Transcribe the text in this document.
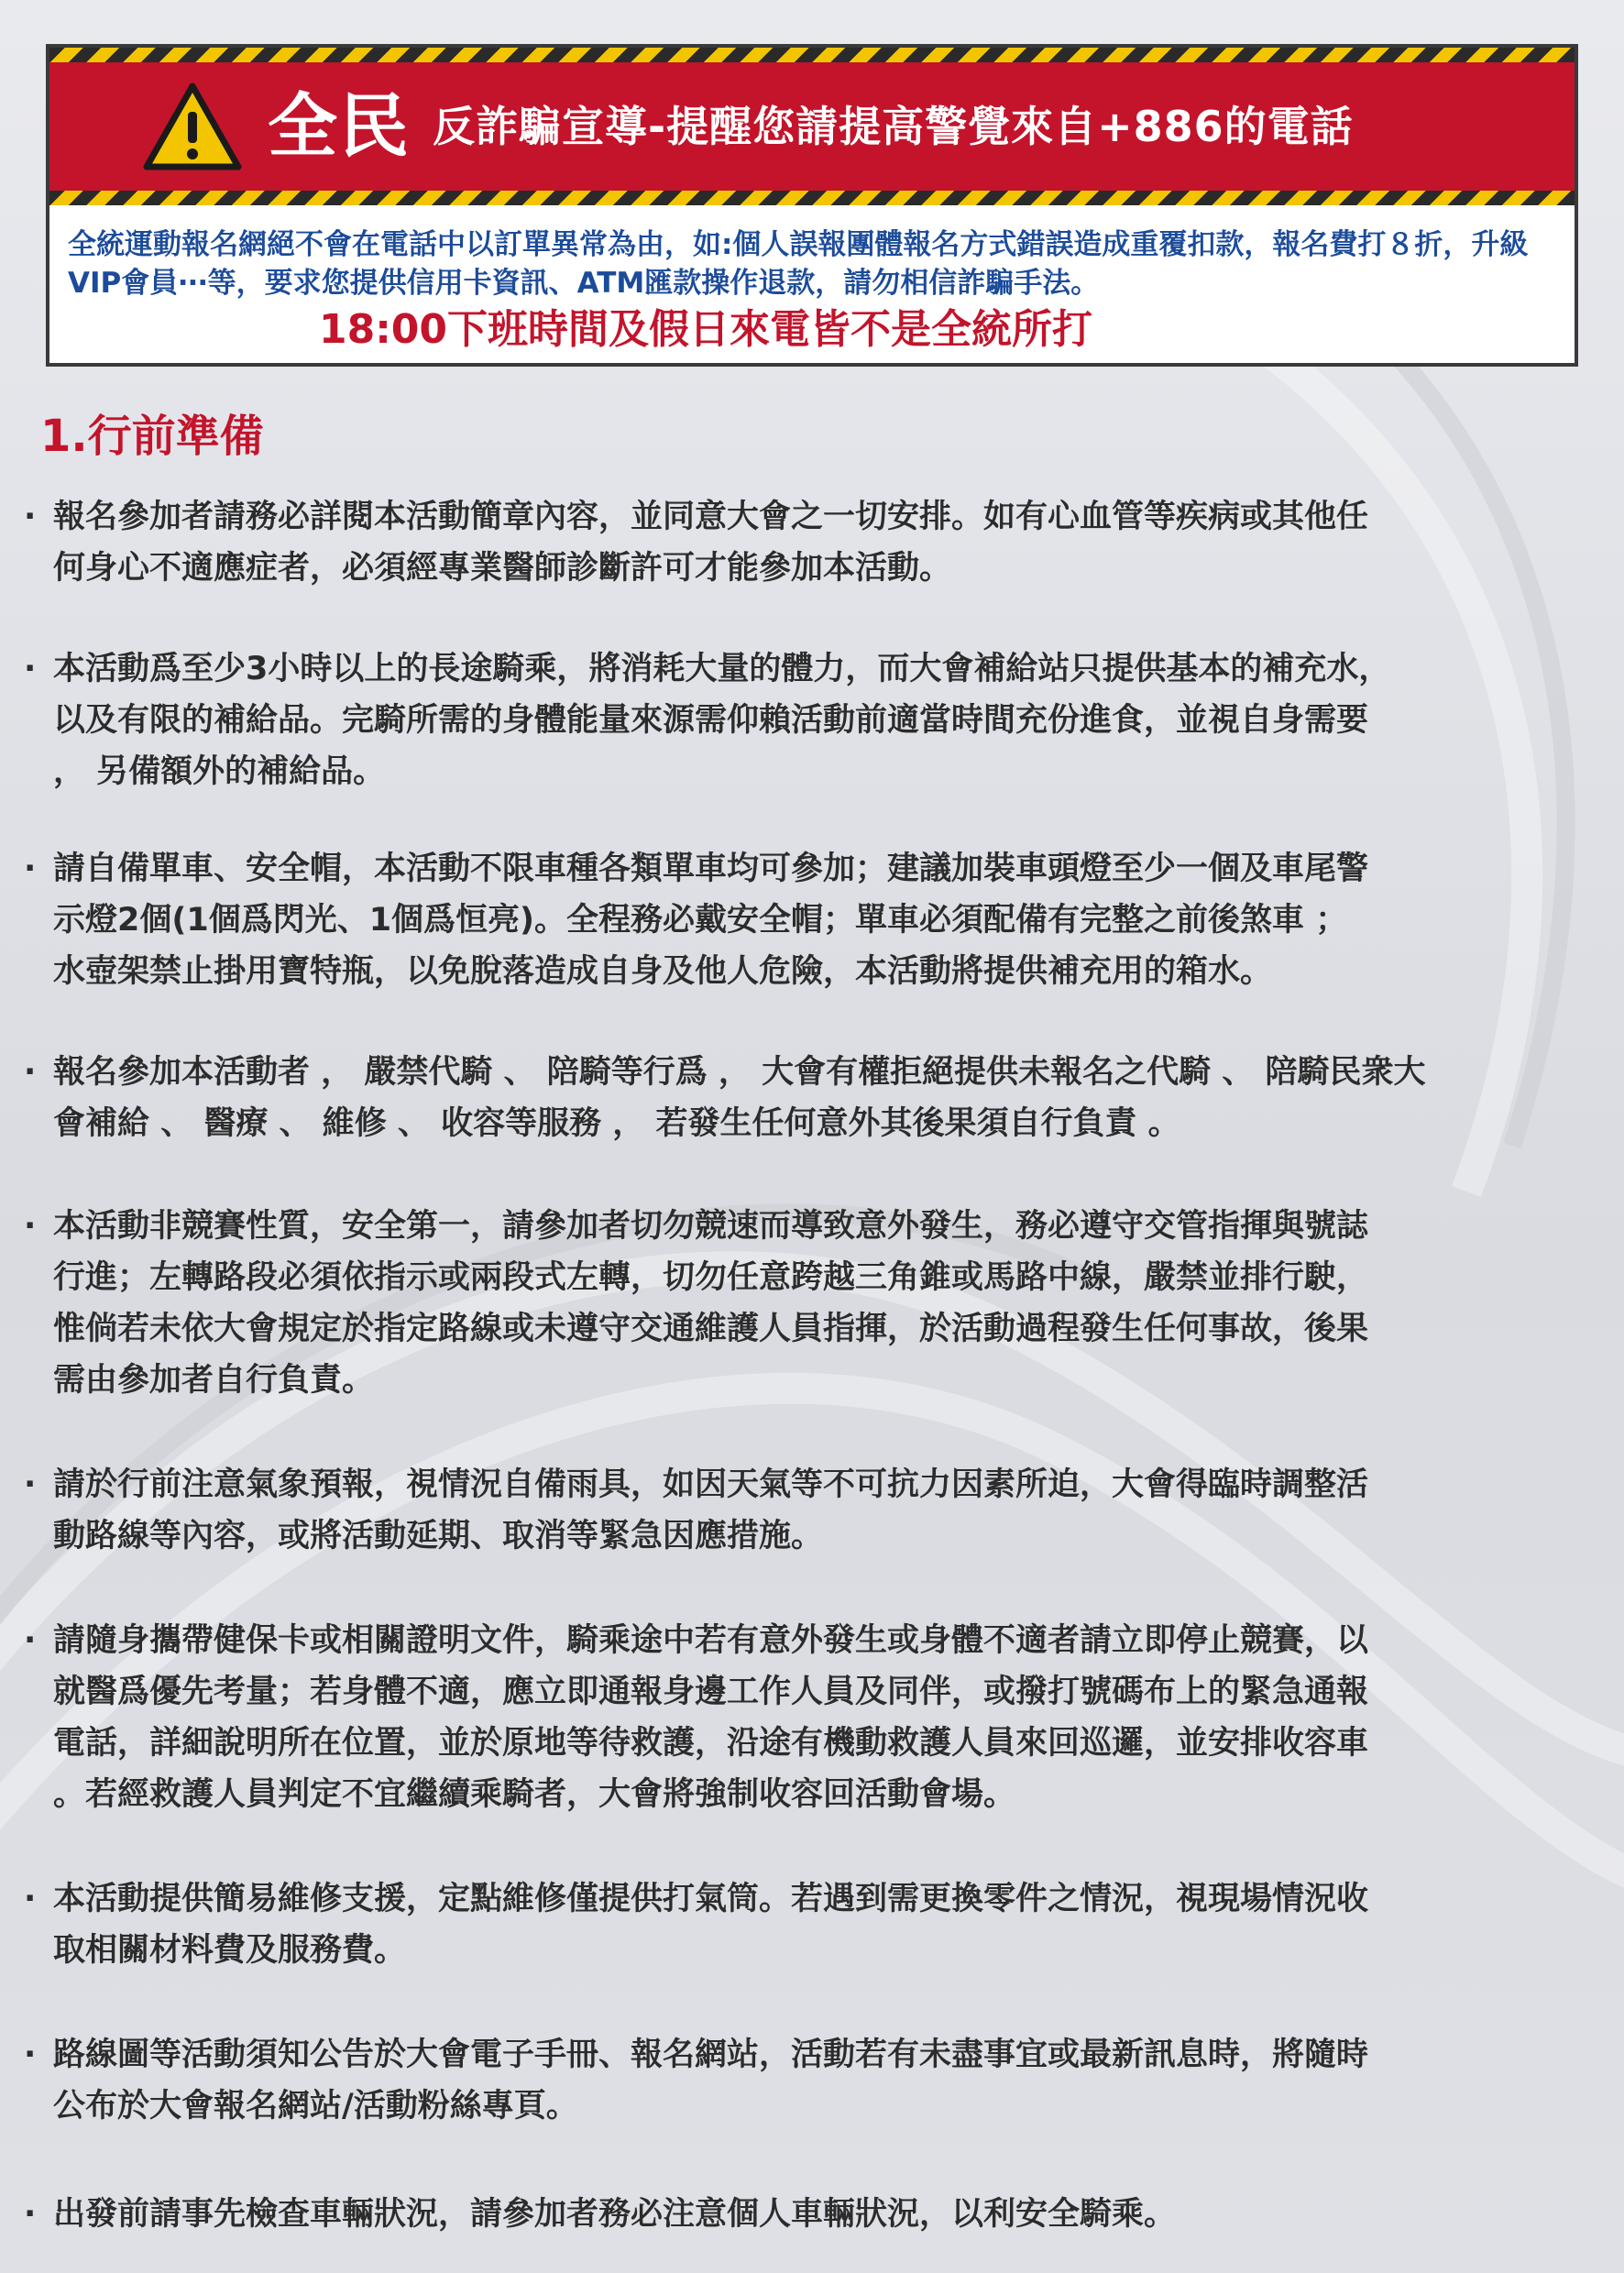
全民 反詐騙宣導-提醒您請提高警覺來自+886的電話
全統運動報名網絕不會在電話中以訂單異常為由，如:個人誤報團體報名方式錯誤造成重覆扣款，報名費打８折，升級VIP會員‧‧‧等，要求您提供信用卡資訊、ATM匯款操作退款，請勿相信詐騙手法。
18:00下班時間及假日來電皆不是全統所打
1.行前準備
· 報名參加者請務必詳閱本活動簡章內容，並同意大會之一切安排。如有心血管等疾病或其他任
何身心不適應症者，必須經專業醫師診斷許可才能參加本活動。
· 本活動爲至少3小時以上的長途騎乘，將消耗大量的體力，而大會補給站只提供基本的補充水，
以及有限的補給品。完騎所需的身體能量來源需仰賴活動前適當時間充份進食，並視自身需要
， 另備額外的補給品。
· 請自備單車、安全帽，本活動不限車種各類單車均可參加；建議加裝車頭燈至少一個及車尾警
示燈2個(1個爲閃光、1個爲恒亮)。全程務必戴安全帽；單車必須配備有完整之前後煞車 ；
水壺架禁止掛用寶特瓶，以免脫落造成自身及他人危險，本活動將提供補充用的箱水。
· 報名參加本活動者 ， 嚴禁代騎 、 陪騎等行爲 ， 大會有權拒絕提供未報名之代騎 、 陪騎民衆大
會補給 、 醫療 、 維修 、 收容等服務 ， 若發生任何意外其後果須自行負責 。
· 本活動非競賽性質，安全第一，請參加者切勿競速而導致意外發生，務必遵守交管指揮與號誌
行進；左轉路段必須依指示或兩段式左轉，切勿任意跨越三角錐或馬路中線，嚴禁並排行駛，
惟倘若未依大會規定於指定路線或未遵守交通維護人員指揮，於活動過程發生任何事故，後果
需由參加者自行負責。
· 請於行前注意氣象預報，視情況自備雨具，如因天氣等不可抗力因素所迫，大會得臨時調整活
動路線等內容，或將活動延期、取消等緊急因應措施。
· 請隨身攜帶健保卡或相關證明文件，騎乘途中若有意外發生或身體不適者請立即停止競賽，以
就醫爲優先考量；若身體不適，應立即通報身邊工作人員及同伴，或撥打號碼布上的緊急通報
電話，詳細說明所在位置，並於原地等待救護，沿途有機動救護人員來回巡邏，並安排收容車
。若經救護人員判定不宜繼續乘騎者，大會將強制收容回活動會場。
· 本活動提供簡易維修支援，定點維修僅提供打氣筒。若遇到需更換零件之情況，視現場情況收
取相關材料費及服務費。
· 路線圖等活動須知公告於大會電子手冊、報名網站，活動若有未盡事宜或最新訊息時，將隨時
公布於大會報名網站/活動粉絲專頁。
· 出發前請事先檢查車輛狀況，請參加者務必注意個人車輛狀況，以利安全騎乘。
